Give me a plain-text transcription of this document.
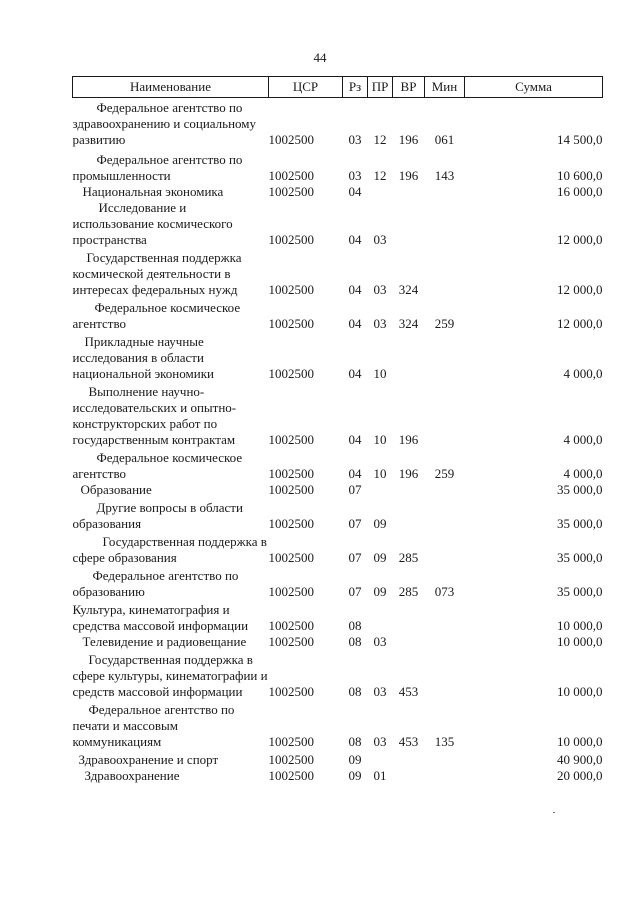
44
Наименование	ЦСР	Рз	ПР	ВР	Мин	Сумма
Федеральное агентство по здравоохранению и социальному развитию	1002500	03	12	196	061	14 500,0
Федеральное агентство по промышленности	1002500	03	12	196	143	10 600,0
Национальная экономика	1002500	04				16 000,0
Исследование и использование космического пространства	1002500	04	03			12 000,0
Государственная поддержка космической деятельности в интересах федеральных нужд	1002500	04	03	324		12 000,0
Федеральное космическое агентство	1002500	04	03	324	259	12 000,0
Прикладные научные исследования в области национальной экономики	1002500	04	10			4 000,0
Выполнение научно-исследовательских и опытно-конструкторских работ по государственным контрактам	1002500	04	10	196		4 000,0
Федеральное космическое агентство	1002500	04	10	196	259	4 000,0
Образование	1002500	07				35 000,0
Другие вопросы в области образования	1002500	07	09			35 000,0
Государственная поддержка в сфере образования	1002500	07	09	285		35 000,0
Федеральное агентство по образованию	1002500	07	09	285	073	35 000,0
Культура, кинематография и средства массовой информации	1002500	08				10 000,0
Телевидение и радиовещание	1002500	08	03			10 000,0
Государственная поддержка в сфере культуры, кинематографии и средств массовой информации	1002500	08	03	453		10 000,0
Федеральное агентство по печати и массовым коммуникациям	1002500	08	03	453	135	10 000,0
Здравоохранение и спорт	1002500	09				40 900,0
Здравоохранение	1002500	09	01			20 000,0
